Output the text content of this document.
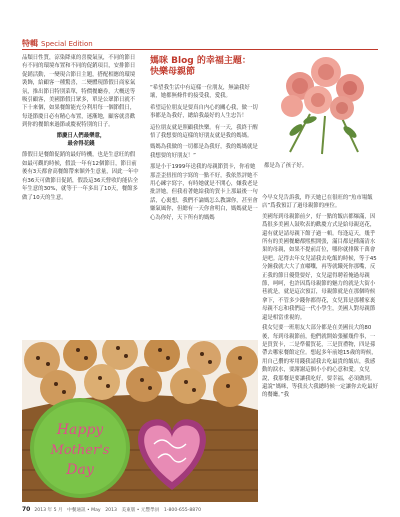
特輯 Special Edition

品類日性質，涼染降東的喜慶氣氛，不同的節日有不同的環境布置和不同的促銷項目，安排節日促銷活動，一變現合節日主題，搭配相應的環境裝飾，給顧客一種驚喜，二變體現節假日商家氣氛，推出節日特別菜單，特價餐廳券，大概送等吸引顧客，美國節假日眾多，單是公眾節日就不下十來個，如果餐館能充分利用每一個節假日，每逢節慶日必有精心布置，迷漸地，顧客就喜歡到你的餐館來過節或慶祝特別的日子。

節慶日人們最樂意，
最舍得花錢

節假日是餐館促銷的最好時機，也是生意旺的假如最可觀的時候，假設一年有12個節日，節日前後有3天都會高餐館帶來額外生意量，因此一年中有36天可做節日促銷，假設這36天營收約能佔全年生意的30%，就等于一年多出了10天，餐館多做了10天的生意。

媽咪 Blog 的幸福主題：
快樂母親節

“希望我生活中有這樣一位朋友，無論我好壞，她都無條件的接受我，愛我。

希望這位朋友是要真自内心的關心我，做一切事都是為我好，總給我最好的人生忠告！

這位朋友就是照顧我快樂。有一天，我終于醒悟了我想要的這樣的好朋友就是我的媽媽。

媽媽為我做的一切都是為我好，我的媽媽就是我想要的好朋友！”

那是小于1999年送我的母親節賀卡，你看她那歪歪扭扭的字寫的一點不好，我依然評她不用心練字寫字，有時她就是不開心，嫌我老是批評她，但我看著她給我的賀卡上那最後一句話，心裏想，我們不論媽怎么教課你，甚至會嫌氣風你，但總有一天你會明白，媽媽就是一心為你好，天下所有的媽媽

都是為了孩子好。

今早女兒告訴我，昨天她已在很旺的“魚市場飯店”爲我預訂了過母親節的座位。

美國每到母親節前夕，好一點的飯店都爆滿，因爲很多美國人鼓吹表的歡慶方式是給母親送花，還有就是請母親下館子過一頓。每逢這天，幾乎所有的美國餐廳都熙熙開張，滿目都是種滿清水果的母親，如果不提前訂位，哪你就排隊千萬會是吧。記得去年女兒請我去吃飯的時候，等于45分鐘我就大大了直嘟囔，再等就餓死你那嘴，反正我的節日優覺要好，女兒還得聘着俺過母親節，呵呵，也許因爲母親節的魅力的就是大街小巷就是，就是這次預訂，母親節就是在那個時候拿下，不管多少錢你都得花，女兒算是那種家裏母親不忘和我們這一代小學生，美國人對母親節還是相當重視的。

我女兒要一班朋友大部分都是在美國長大的80後，每到母親節前，他們就開始張羅幾件事，一是買賀卡，二是準備賀花，三是買禮物，四是孫帶去哪家餐館定位。想起多年前她15歲的時候，用自己攢的零用錢我請我去吃最貴的飯店，我感動的淚水，要謝謝這個小小的心意和愛。女兒說，我那餐是要讓我吃好，要幸福，必須做到。還說“媽咪，等我長大我總時候一定讓你去吃最好的餐廳。”我

Happy
Mother's
Day
70 2013 年 5 月　中餐通訊 • May　2013　美東版 • 元豐學員　1-800-655-8870
